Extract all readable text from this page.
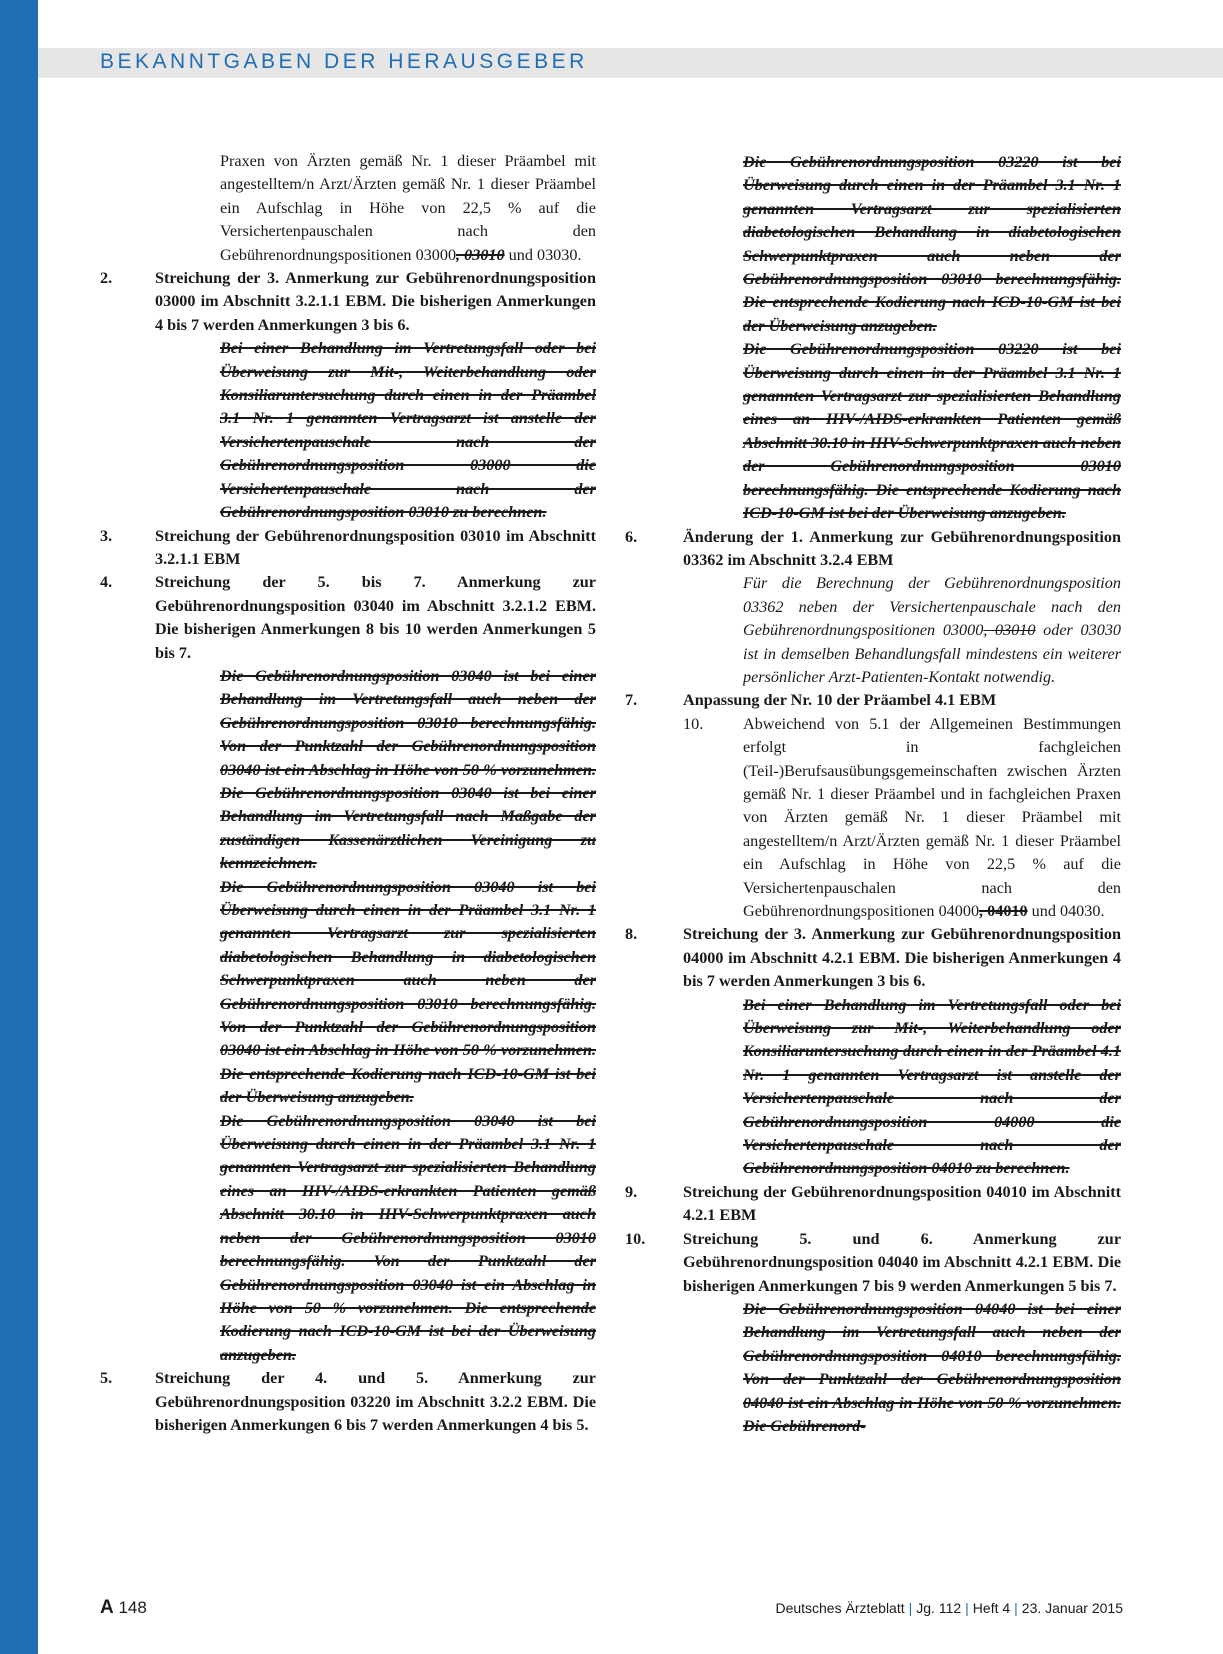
BEKANNTGABEN DER HERAUSGEBER
Praxen von Ärzten gemäß Nr. 1 dieser Präambel mit angestelltem/n Arzt/Ärzten gemäß Nr. 1 dieser Präambel ein Aufschlag in Höhe von 22,5 % auf die Versichertenpauschalen nach den Gebührenordnungspositionen 03000, 03010 und 03030.
2.	Streichung der 3. Anmerkung zur Gebührenordnungsposition 03000 im Abschnitt 3.2.1.1 EBM. Die bisherigen Anmerkungen 4 bis 7 werden Anmerkungen 3 bis 6.
Bei einer Behandlung im Vertretungsfall oder bei Überweisung zur Mit-, Weiterbehandlung oder Konsiliaruntersuchung durch einen in der Präambel 3.1 Nr. 1 genannten Vertragsarzt ist anstelle der Versichertenpauschale nach der Gebührenordnungsposition 03000 die Versichertenpauschale nach der Gebührenordnungsposition 03010 zu berechnen.
3.	Streichung der Gebührenordnungsposition 03010 im Abschnitt 3.2.1.1 EBM
4.	Streichung der 5. bis 7. Anmerkung zur Gebührenordnungsposition 03040 im Abschnitt 3.2.1.2 EBM. Die bisherigen Anmerkungen 8 bis 10 werden Anmerkungen 5 bis 7.
Die Gebührenordnungsposition 03040 ist bei einer Behandlung im Vertretungsfall auch neben der Gebührenordnungsposition 03010 berechnungsfähig. Von der Punktzahl der Gebührenordnungsposition 03040 ist ein Abschlag in Höhe von 50 % vorzunehmen. Die Gebührenordnungsposition 03040 ist bei einer Behandlung im Vertretungsfall nach Maßgabe der zuständigen Kassenärztlichen Vereinigung zu kennzeichnen.
Die Gebührenordnungsposition 03040 ist bei Überweisung durch einen in der Präambel 3.1 Nr. 1 genannten Vertragsarzt zur spezialisierten diabetologischen Behandlung in diabetologischen Schwerpunktpraxen auch neben der Gebührenordnungsposition 03010 berechnungsfähig. Von der Punktzahl der Gebührenordnungsposition 03040 ist ein Abschlag in Höhe von 50 % vorzunehmen. Die entsprechende Kodierung nach ICD-10-GM ist bei der Überweisung anzugeben.
Die Gebührenordnungsposition 03040 ist bei Überweisung durch einen in der Präambel 3.1 Nr. 1 genannten Vertragsarzt zur spezialisierten Behandlung eines an HIV-/AIDS-erkrankten Patienten gemäß Abschnitt 30.10 in HIV-Schwerpunktpraxen auch neben der Gebührenordnungsposition 03010 berechnungsfähig. Von der Punktzahl der Gebührenordnungsposition 03040 ist ein Abschlag in Höhe von 50 % vorzunehmen. Die entsprechende Kodierung nach ICD-10-GM ist bei der Überweisung anzugeben.
5.	Streichung der 4. und 5. Anmerkung zur Gebührenordnungsposition 03220 im Abschnitt 3.2.2 EBM. Die bisherigen Anmerkungen 6 bis 7 werden Anmerkungen 4 bis 5.
Die Gebührenordnungsposition 03220 ist bei Überweisung durch einen in der Präambel 3.1 Nr. 1 genannten Vertragsarzt zur spezialisierten diabetologischen Behandlung in diabetologischen Schwerpunktpraxen auch neben der Gebührenordnungsposition 03010 berechnungsfähig. Die entsprechende Kodierung nach ICD-10-GM ist bei der Überweisung anzugeben.
Die Gebührenordnungsposition 03220 ist bei Überweisung durch einen in der Präambel 3.1 Nr. 1 genannten Vertragsarzt zur spezialisierten Behandlung eines an HIV-/AIDS-erkrankten Patienten gemäß Abschnitt 30.10 in HIV-Schwerpunktpraxen auch neben der Gebührenordnungsposition 03010 berechnungsfähig. Die entsprechende Kodierung nach ICD-10-GM ist bei der Überweisung anzugeben.
6.	Änderung der 1. Anmerkung zur Gebührenordnungsposition 03362 im Abschnitt 3.2.4 EBM
Für die Berechnung der Gebührenordnungsposition 03362 neben der Versichertenpauschale nach den Gebührenordnungspositionen 03000, 03010 oder 03030 ist in demselben Behandlungsfall mindestens ein weiterer persönlicher Arzt-Patienten-Kontakt notwendig.
7.	Anpassung der Nr. 10 der Präambel 4.1 EBM
10. Abweichend von 5.1 der Allgemeinen Bestimmungen erfolgt in fachgleichen (Teil-)Berufsausübungsgemeinschaften zwischen Ärzten gemäß Nr. 1 dieser Präambel und in fachgleichen Praxen von Ärzten gemäß Nr. 1 dieser Präambel mit angestelltem/n Arzt/Ärzten gemäß Nr. 1 dieser Präambel ein Aufschlag in Höhe von 22,5 % auf die Versichertenpauschalen nach den Gebührenordnungspositionen 04000, 04010 und 04030.
8.	Streichung der 3. Anmerkung zur Gebührenordnungsposition 04000 im Abschnitt 4.2.1 EBM. Die bisherigen Anmerkungen 4 bis 7 werden Anmerkungen 3 bis 6.
Bei einer Behandlung im Vertretungsfall oder bei Überweisung zur Mit-, Weiterbehandlung oder Konsiliaruntersuchung durch einen in der Präambel 4.1 Nr. 1 genannten Vertragsarzt ist anstelle der Versichertenpauschale nach der Gebührenordnungsposition 04000 die Versichertenpauschale nach der Gebührenordnungsposition 04010 zu berechnen.
9.	Streichung der Gebührenordnungsposition 04010 im Abschnitt 4.2.1 EBM
10. Streichung 5. und 6. Anmerkung zur Gebührenordnungsposition 04040 im Abschnitt 4.2.1 EBM. Die bisherigen Anmerkungen 7 bis 9 werden Anmerkungen 5 bis 7.
Die Gebührenordnungsposition 04040 ist bei einer Behandlung im Vertretungsfall auch neben der Gebührenordnungsposition 04010 berechnungsfähig. Von der Punktzahl der Gebührenordnungsposition 04040 ist ein Abschlag in Höhe von 50 % vorzunehmen. Die Gebührenord-
A 148	Deutsches Ärzteblatt | Jg. 112 | Heft 4 | 23. Januar 2015
